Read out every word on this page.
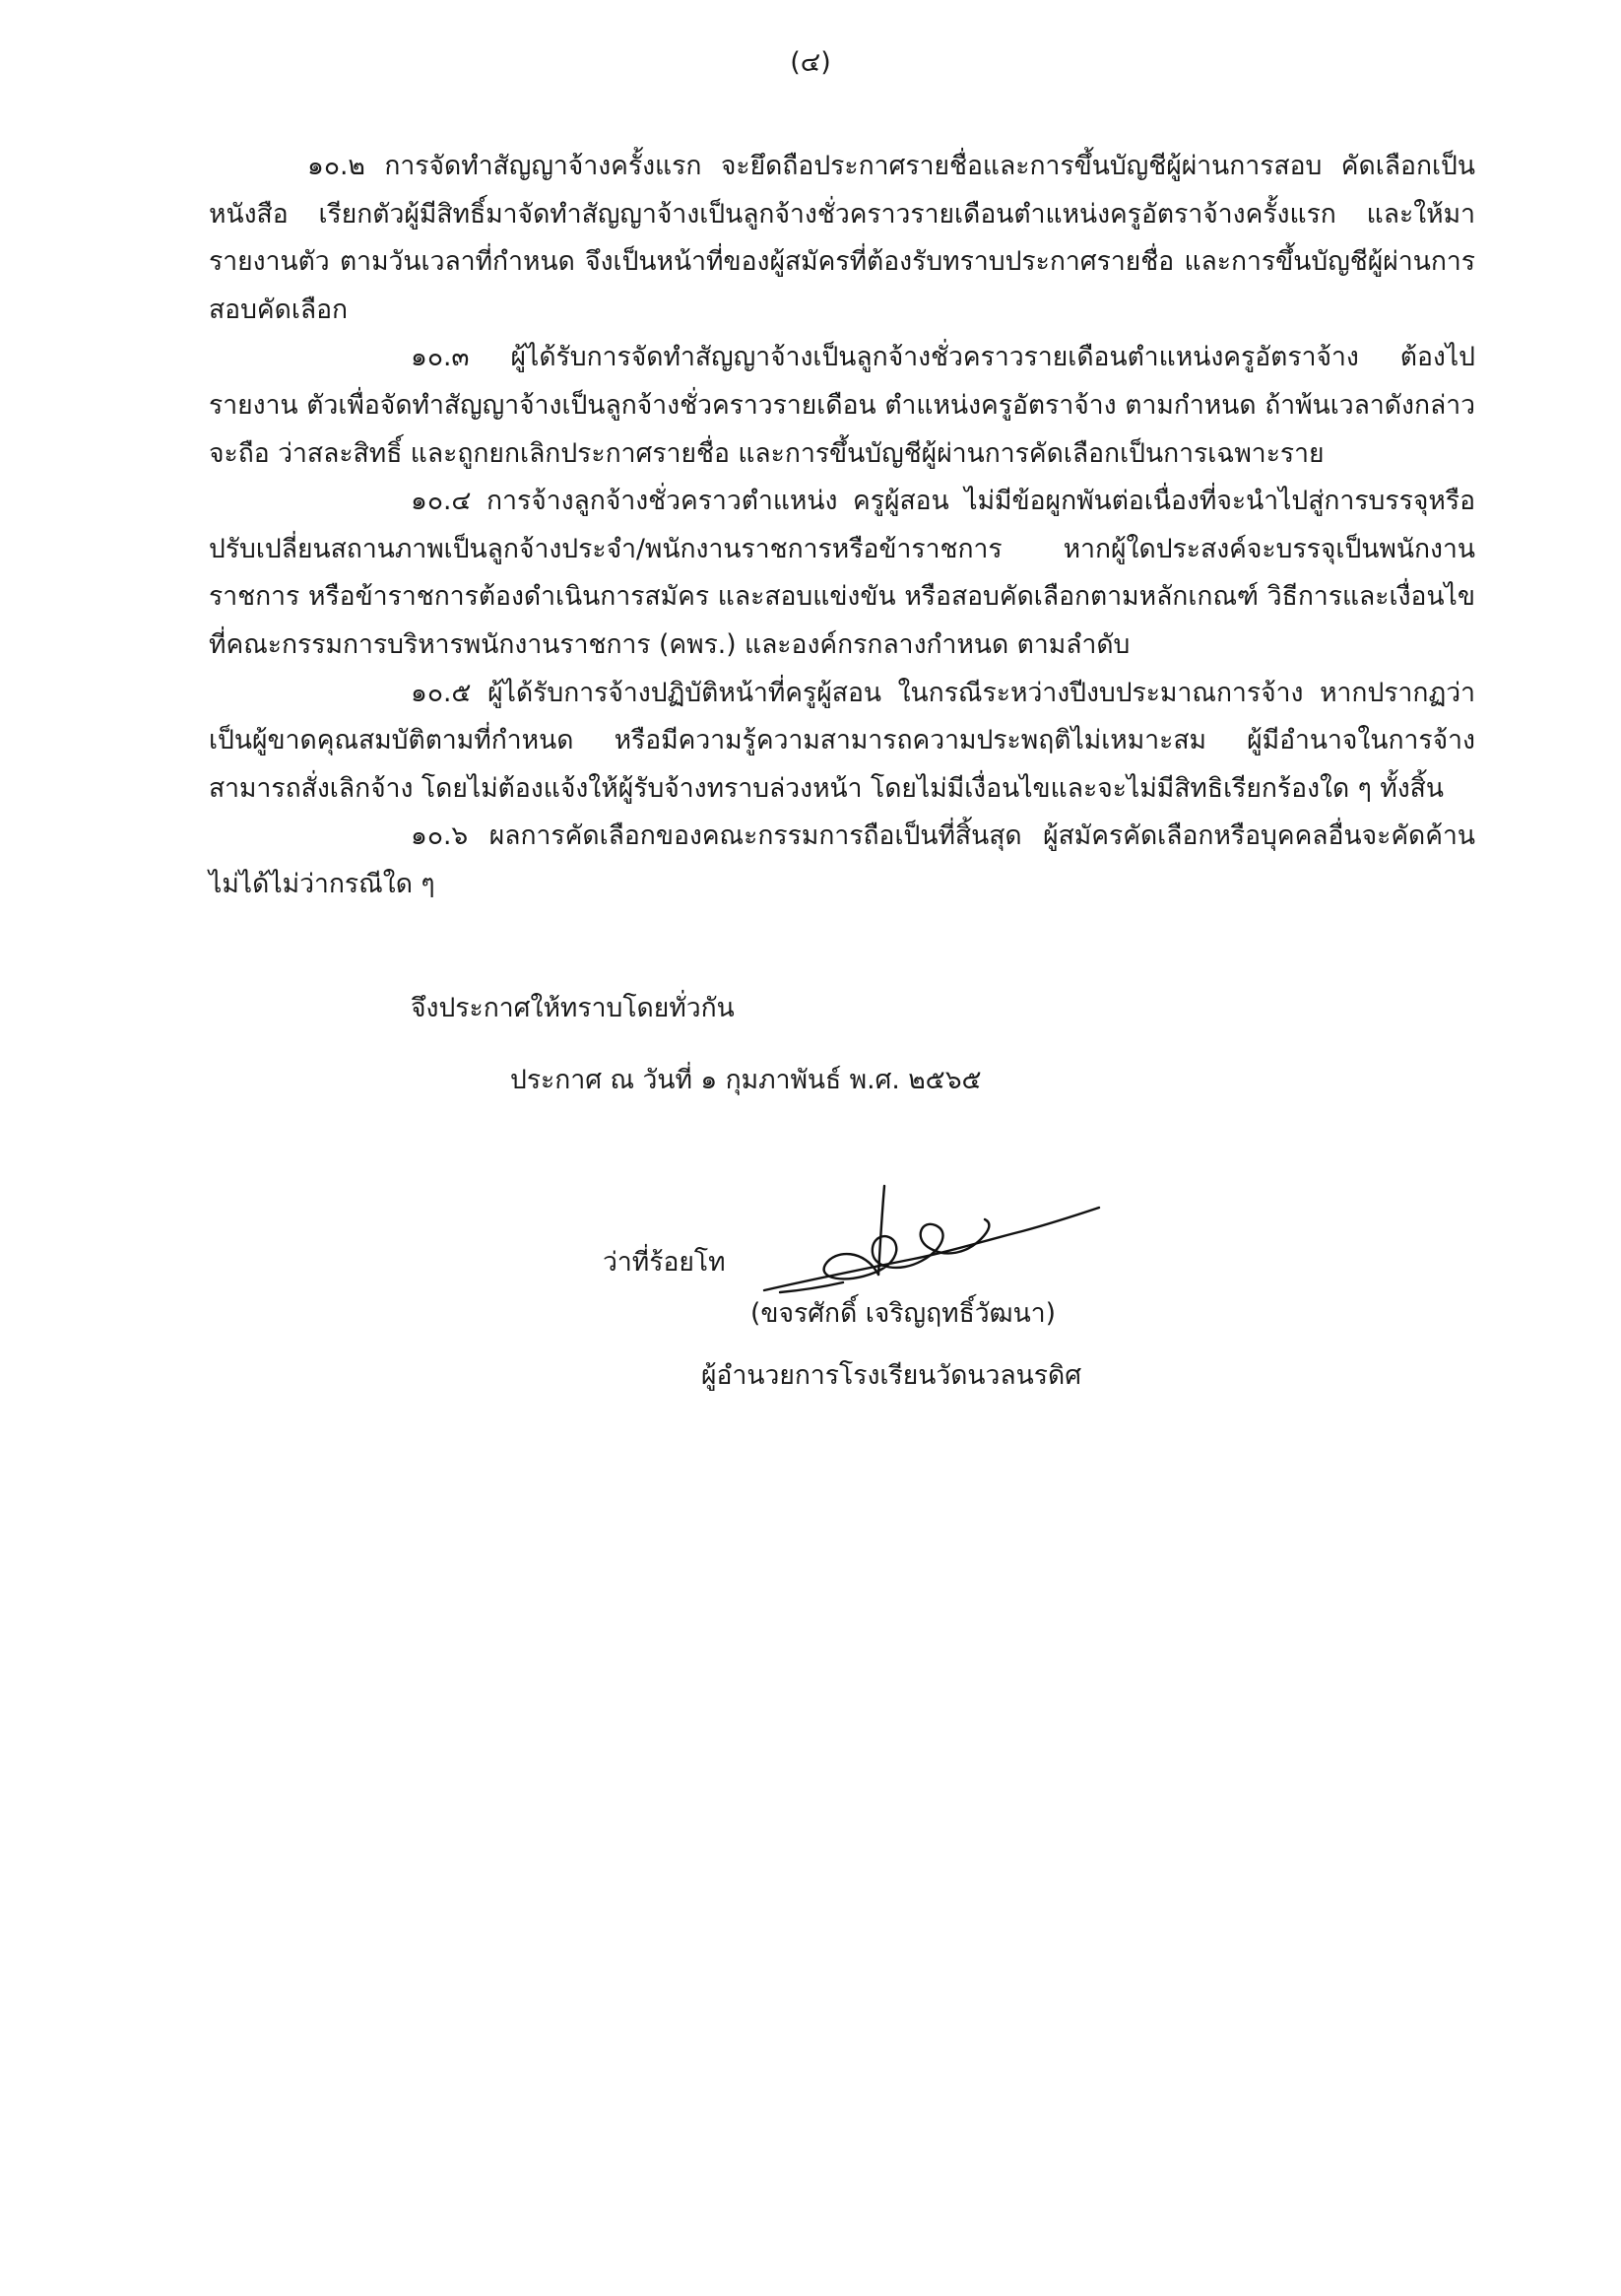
(๔)

๑๐.๒ การจัดทำสัญญาจ้างครั้งแรก จะยึดถือประกาศรายชื่อและการขึ้นบัญชีผู้ผ่านการสอบ คัดเลือกเป็นหนังสือ เรียกตัวผู้มีสิทธิ์มาจัดทำสัญญาจ้างเป็นลูกจ้างชั่วคราวรายเดือนตำแหน่งครูอัตราจ้างครั้งแรก และให้มารายงานตัว ตามวันเวลาที่กำหนด จึงเป็นหน้าที่ของผู้สมัครที่ต้องรับทราบประกาศรายชื่อ และการขึ้นบัญชีผู้ผ่านการสอบคัดเลือก

๑๐.๓ ผู้ได้รับการจัดทำสัญญาจ้างเป็นลูกจ้างชั่วคราวรายเดือนตำแหน่งครูอัตราจ้าง ต้องไปรายงาน ตัวเพื่อจัดทำสัญญาจ้างเป็นลูกจ้างชั่วคราวรายเดือน ตำแหน่งครูอัตราจ้าง ตามกำหนด ถ้าพ้นเวลาดังกล่าวจะถือ ว่าสละสิทธิ์ และถูกยกเลิกประกาศรายชื่อ และการขึ้นบัญชีผู้ผ่านการคัดเลือกเป็นการเฉพาะราย

๑๐.๔ การจ้างลูกจ้างชั่วคราวตำแหน่ง ครูผู้สอน ไม่มีข้อผูกพันต่อเนื่องที่จะนำไปสู่การบรรจุหรือปรับเปลี่ยนสถานภาพเป็นลูกจ้างประจำ/พนักงานราชการหรือข้าราชการ หากผู้ใดประสงค์จะบรรจุเป็นพนักงานราชการ หรือข้าราชการต้องดำเนินการสมัคร และสอบแข่งขัน หรือสอบคัดเลือกตามหลักเกณฑ์ วิธีการและเงื่อนไขที่คณะกรรมการบริหารพนักงานราชการ (คพร.) และองค์กรกลางกำหนด ตามลำดับ

๑๐.๕ ผู้ได้รับการจ้างปฏิบัติหน้าที่ครูผู้สอน ในกรณีระหว่างปีงบประมาณการจ้าง หากปรากฏว่า เป็นผู้ขาดคุณสมบัติตามที่กำหนด หรือมีความรู้ความสามารถความประพฤติไม่เหมาะสม ผู้มีอำนาจในการจ้าง สามารถสั่งเลิกจ้าง โดยไม่ต้องแจ้งให้ผู้รับจ้างทราบล่วงหน้า โดยไม่มีเงื่อนไขและจะไม่มีสิทธิเรียกร้องใด ๆ ทั้งสิ้น

๑๐.๖ ผลการคัดเลือกของคณะกรรมการถือเป็นที่สิ้นสุด ผู้สมัครคัดเลือกหรือบุคคลอื่นจะคัดค้านไม่ได้ไม่ว่ากรณีใด ๆ

จึงประกาศให้ทราบโดยทั่วกัน
ประกาศ ณ วันที่ ๑ กุมภาพันธ์ พ.ศ. ๒๕๖๕
ว่าที่ร้อยโท
(ขจรศักดิ์ เจริญฤทธิ์วัฒนา)
ผู้อำนวยการโรงเรียนวัดนวลนรดิศ
